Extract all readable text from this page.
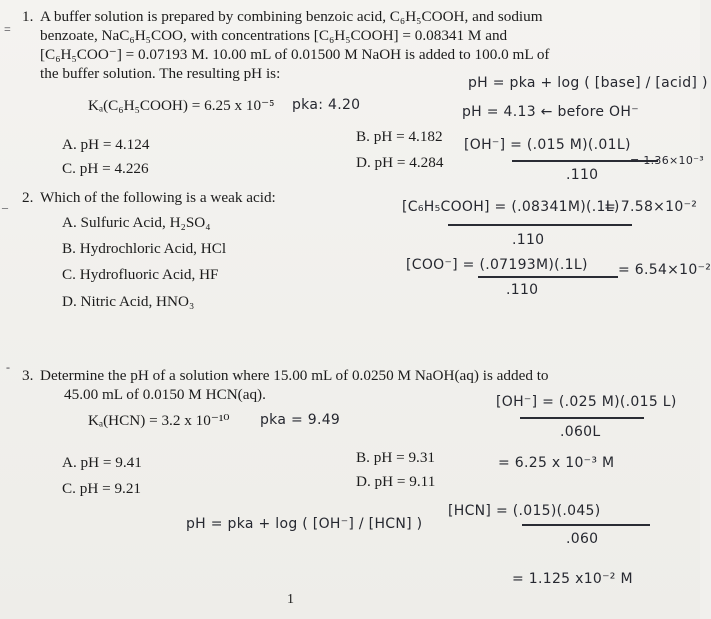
=
_
-
1. A buffer solution is prepared by combining benzoic acid, C₆H₅COOH, and sodium
benzoate, NaC₆H₅COO, with concentrations [C₆H₅COOH] = 0.08341 M and
[C₆H₅COO⁻] = 0.07193 M. 10.00 mL of 0.01500 M NaOH is added to 100.0 mL of
the buffer solution. The resulting pH is:
Kₐ(C₆H₅COOH) = 6.25 x 10⁻⁵
A. pH = 4.124	B. pH = 4.182
C. pH = 4.226	D. pH = 4.284
pka: 4.20
pH = pka + log ( [base] / [acid] )
pH = 4.13 ← before OH⁻
[OH⁻] = (.015 M)(.01L)
= 1.36×10⁻³
.110
2. Which of the following is a weak acid:
A. Sulfuric Acid, H₂SO₄
B. Hydrochloric Acid, HCl
C. Hydrofluoric Acid, HF
D. Nitric Acid, HNO₃
[C₆H₅COOH] = (.08341M)(.1L)
= 7.58×10⁻²
.110
[COO⁻] = (.07193M)(.1L) = 6.54×10⁻²
.110
3. Determine the pH of a solution where 15.00 mL of 0.0250 M NaOH(aq) is added to
45.00 mL of 0.0150 M HCN(aq).
Kₐ(HCN) = 3.2 x 10⁻¹⁰
A. pH = 9.41	B. pH = 9.31
C. pH = 9.21	D. pH = 9.11
pka = 9.49
[OH⁻] = (.025 M)(.015 L)
.060L
= 6.25 x 10⁻³ M
[HCN] = (.015)(.045)
.060
= 1.125 x10⁻² M
pH = pka + log ( [OH⁻] / [HCN] )
1
